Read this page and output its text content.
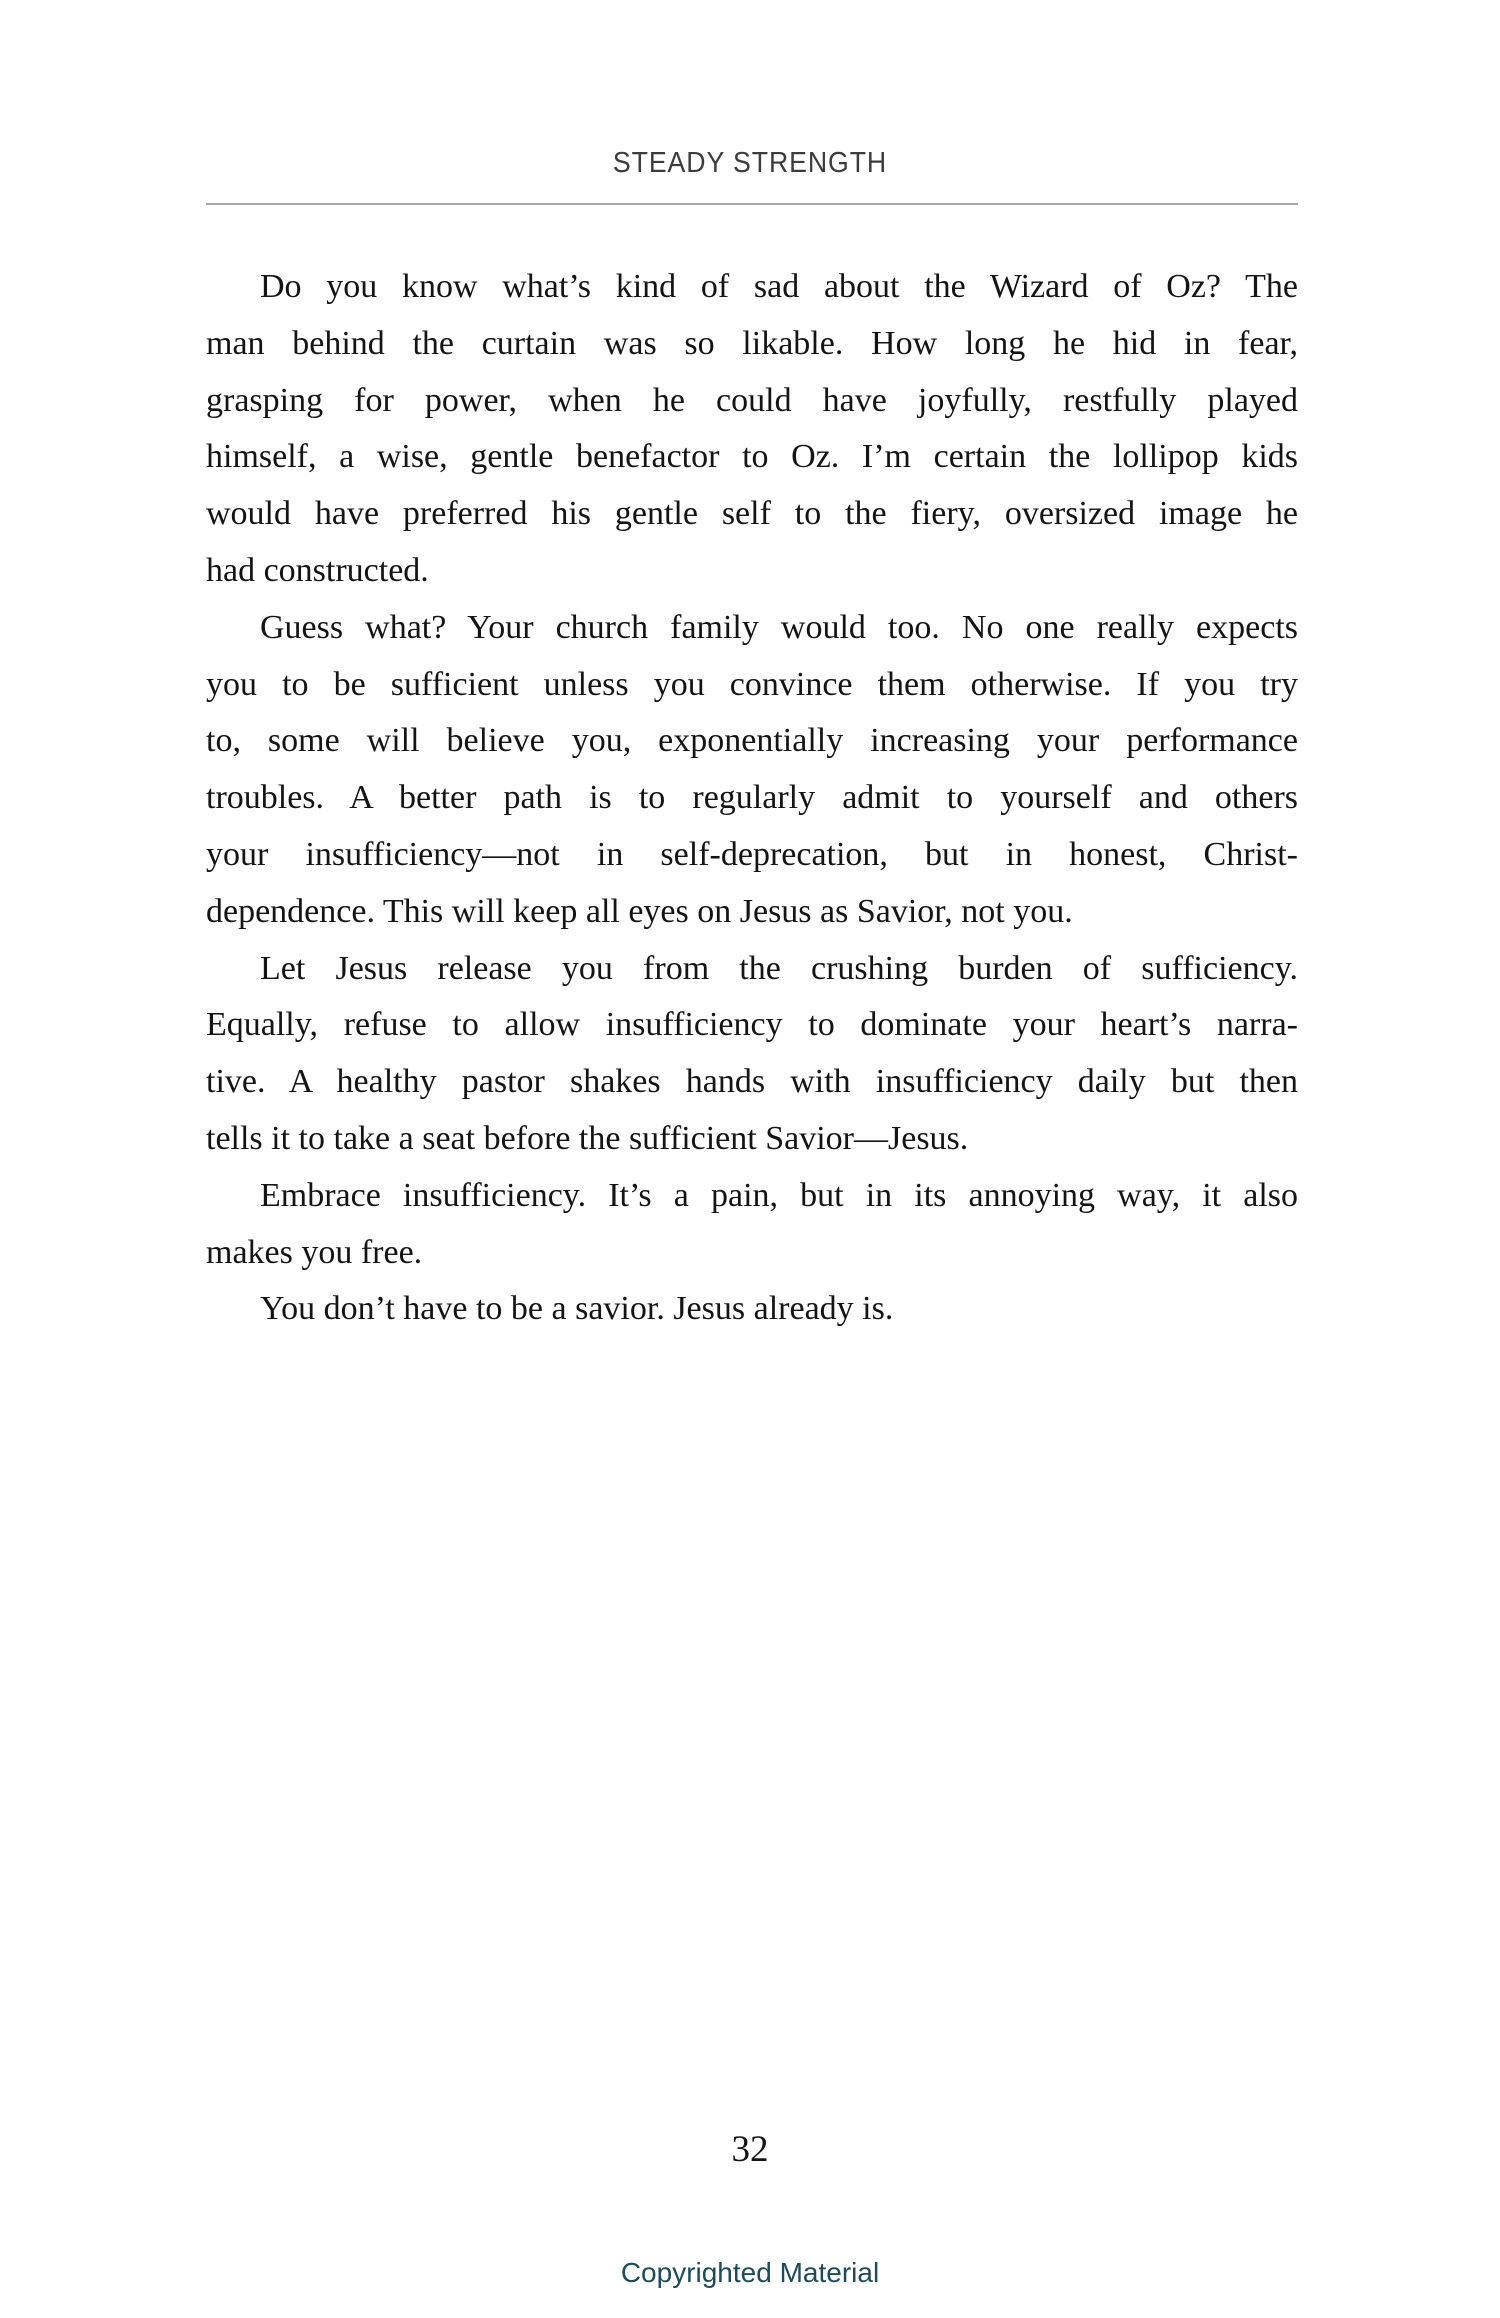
STEADY STRENGTH
Do you know what’s kind of sad about the Wizard of Oz? The
man behind the curtain was so likable. How long he hid in fear,
grasping for power, when he could have joyfully, restfully played
himself, a wise, gentle benefactor to Oz. I’m certain the lollipop kids
would have preferred his gentle self to the fiery, oversized image he
had constructed.
Guess what? Your church family would too. No one really expects
you to be sufficient unless you convince them otherwise. If you try
to, some will believe you, exponentially increasing your performance
troubles. A better path is to regularly admit to yourself and others
your insufficiency—not in self-deprecation, but in honest, Christ-
dependence. This will keep all eyes on Jesus as Savior, not you.
Let Jesus release you from the crushing burden of sufficiency.
Equally, refuse to allow insufficiency to dominate your heart’s narra-
tive. A healthy pastor shakes hands with insufficiency daily but then
tells it to take a seat before the sufficient Savior—Jesus.
Embrace insufficiency. It’s a pain, but in its annoying way, it also
makes you free.
You don’t have to be a savior. Jesus already is.
32
Copyrighted Material
